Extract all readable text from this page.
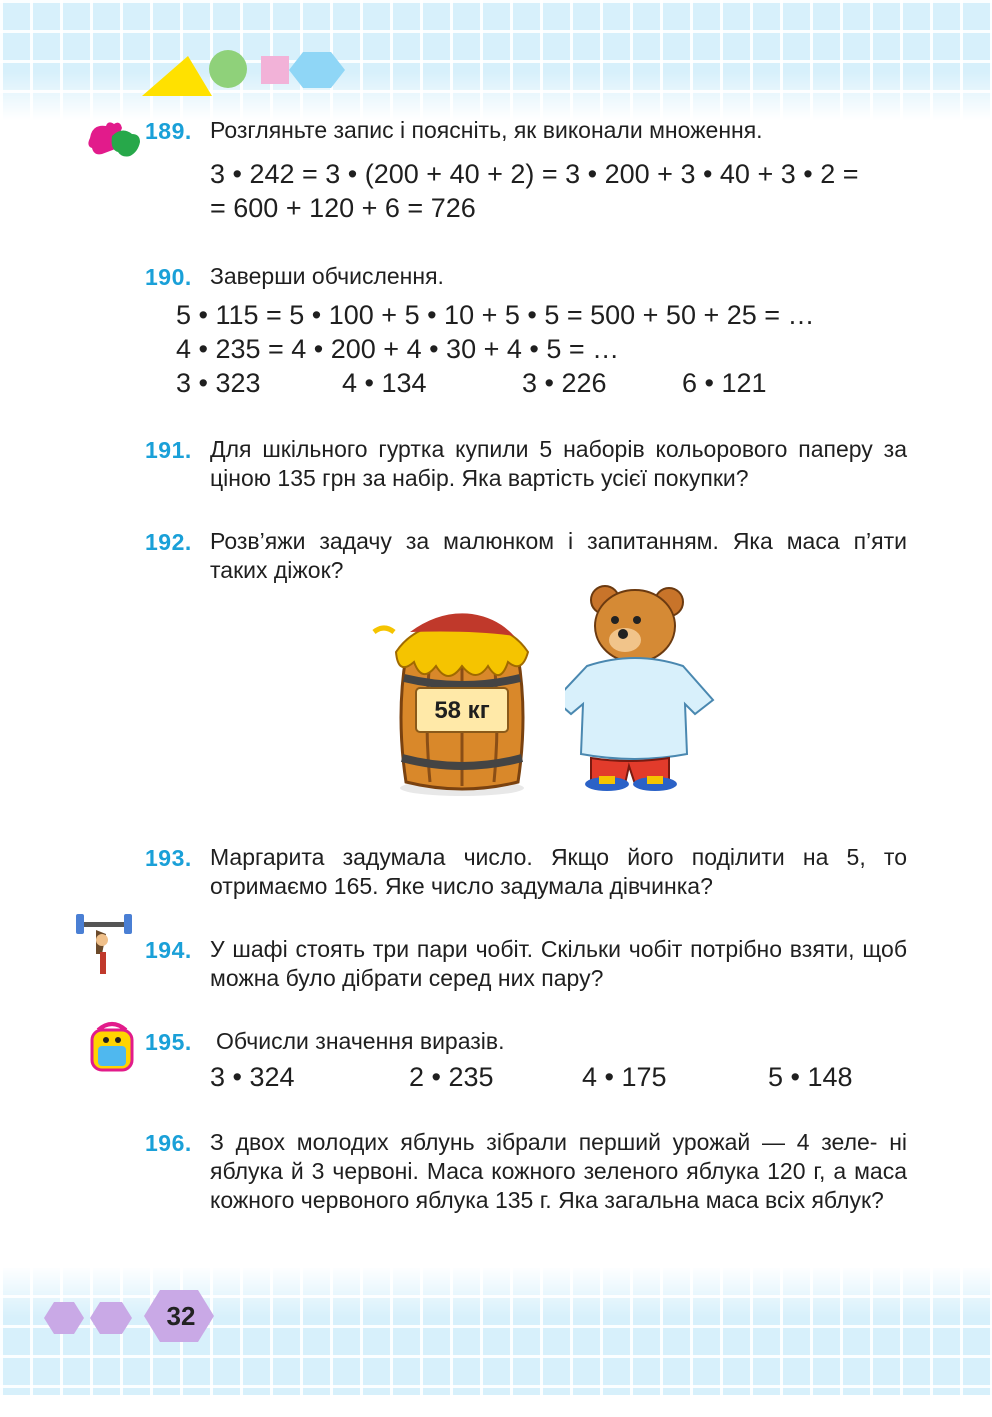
189. Розгляньте запис і поясніть, як виконали множення.
3 • 242 = 3 • (200 + 40 + 2) = 3 • 200 + 3 • 40 + 3 • 2 =
= 600 + 120 + 6 = 726
190. Заверши обчислення.
5 • 115 = 5 • 100 + 5 • 10 + 5 • 5 = 500 + 50 + 25 = …
4 • 235 = 4 • 200 + 4 • 30 + 4 • 5 = …
3 • 323	4 • 134	3 • 226	6 • 121
191. Для шкільного гуртка купили 5 наборів кольорового паперу за ціною 135 грн за набір. Яка вартість усієї покупки?
192. Розв’яжи задачу за малюнком і запитанням. Яка маса п’яти таких діжок?
58 кг
193. Маргарита задумала число. Якщо його поділити на 5, то отримаємо 165. Яке число задумала дівчинка?
194. У шафі стоять три пари чобіт. Скільки чобіт потрібно взяти, щоб можна було дібрати серед них пару?
195. Обчисли значення виразів.
3 • 324	2 • 235	4 • 175	5 • 148
196. З двох молодих яблунь зібрали перший урожай — 4 зеле- ні яблука й 3 червоні. Маса кожного зеленого яблука 120 г, а маса кожного червоного яблука 135 г. Яка загальна маса всіх яблук?
32
